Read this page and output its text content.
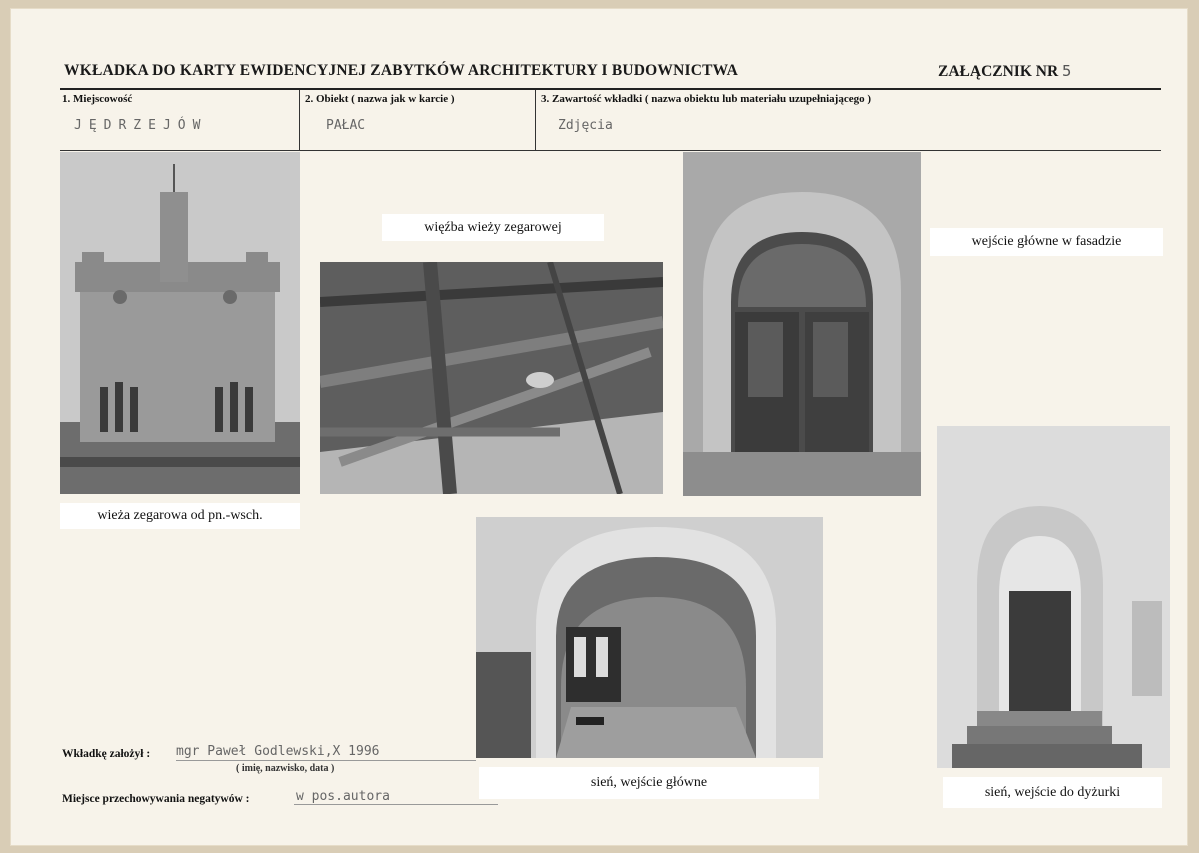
WKŁADKA DO KARTY EWIDENCYJNEJ ZABYTKÓW ARCHITEKTURY I BUDOWNICTWA	ZAŁĄCZNIK NR 5
1. Miejscowość
JĘDRZEJÓW
2. Obiekt ( nazwa jak w karcie )
PAŁAC
3. Zawartość wkładki ( nazwa obiektu lub materiału uzupełniającego )
Zdjęcia
więźba wieży zegarowej
wejście główne w fasadzie
wieża zegarowa od pn.-wsch.
sień, wejście główne
sień, wejście do dyżurki
Wkładkę założył : mgr Paweł Godlewski,X 1996
( imię, nazwisko, data )
Miejsce przechowywania negatywów :	w pos.autora
